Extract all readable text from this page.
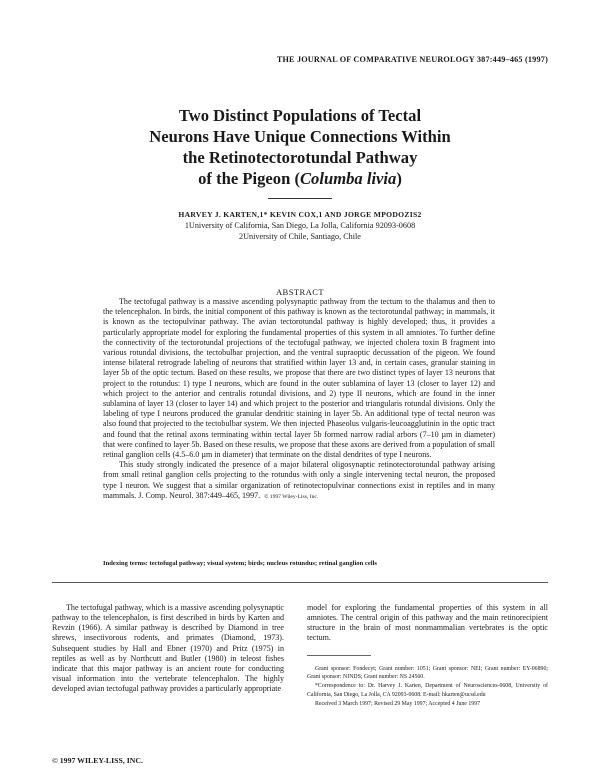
THE JOURNAL OF COMPARATIVE NEUROLOGY 387:449–465 (1997)
Two Distinct Populations of Tectal
Neurons Have Unique Connections Within
the Retinotectorotundal Pathway
of the Pigeon (Columba livia)
HARVEY J. KARTEN,1* KEVIN COX,1 AND JORGE MPODOZIS2
1University of California, San Diego, La Jolla, California 92093-0608
2University of Chile, Santiago, Chile
ABSTRACT

The tectofugal pathway is a massive ascending polysynaptic pathway from the tectum to the thalamus and then to the telencephalon. In birds, the initial component of this pathway is known as the tectorotundal pathway; in mammals, it is known as the tectopulvinar pathway. The avian tectorotundal pathway is highly developed; thus, it provides a particularly appropriate model for exploring the fundamental properties of this system in all amniotes. To further define the connectivity of the tectorotundal projections of the tectofugal pathway, we injected cholera toxin B fragment into various rotundal divisions, the tectobulbar projection, and the ventral supraoptic decussation of the pigeon. We found intense bilateral retrograde labeling of neurons that stratified within layer 13 and, in certain cases, granular staining in layer 5b of the optic tectum. Based on these results, we propose that there are two distinct types of layer 13 neurons that project to the rotundus: 1) type I neurons, which are found in the outer sublamina of layer 13 (closer to layer 12) and which project to the anterior and centralis rotundal divisions, and 2) type II neurons, which are found in the inner sublamina of layer 13 (closer to layer 14) and which project to the posterior and triangularis rotundal divisions. Only the labeling of type I neurons produced the granular dendritic staining in layer 5b. An additional type of tectal neuron was also found that projected to the tectobulbar system. We then injected Phaseolus vulgaris-leucoagglutinin in the optic tract and found that the retinal axons terminating within tectal layer 5b formed narrow radial arbors (7–10 µm in diameter) that were confined to layer 5b. Based on these results, we propose that these axons are derived from a population of small retinal ganglion cells (4.5–6.0 µm in diameter) that terminate on the distal dendrites of type I neurons.

This study strongly indicated the presence of a major bilateral oligosynaptic retinotectorotundal pathway arising from small retinal ganglion cells projecting to the rotundus with only a single intervening tectal neuron, the proposed type I neuron. We suggest that a similar organization of retinotectopulvinar connections exist in reptiles and in many mammals. J. Comp. Neurol. 387:449–465, 1997. © 1997 Wiley-Liss, Inc.

Indexing terms: tectofugal pathway; visual system; birds; nucleus rotundus; retinal ganglion cells

The tectofugal pathway, which is a massive ascending polysynaptic pathway to the telencephalon, is first described in birds by Karten and Revzin (1966). A similar pathway is described by Diamond in tree shrews, insectivorous rodents, and primates (Diamond, 1973). Subsequent studies by Hall and Ebner (1970) and Pritz (1975) in reptiles as well as by Northcutt and Butler (1980) in teleost fishes indicate that this major pathway is an ancient route for conducting visual information into the vertebrate telencephalon. The highly developed avian tectofugal pathway provides a particularly appropriate

model for exploring the fundamental properties of this system in all amniotes. The central origin of this pathway and the main retinorecipient structure in the brain of most nonmammalian vertebrates is the optic tectum.

Grant sponsor: Fondecyt; Grant number: 1051; Grant sponsor: NEI; Grant number: EY-06890; Grant sponsor: NINDS; Grant number: NS 24560.

*Correspondence to: Dr. Harvey J. Karten, Department of Neurosciences-0608, University of California, San Diego, La Jolla, CA 92093-0608. E-mail: hkarten@ucsd.edu

Received 3 March 1997; Revised 29 May 1997; Accepted 4 June 1997

© 1997 WILEY-LISS, INC.
